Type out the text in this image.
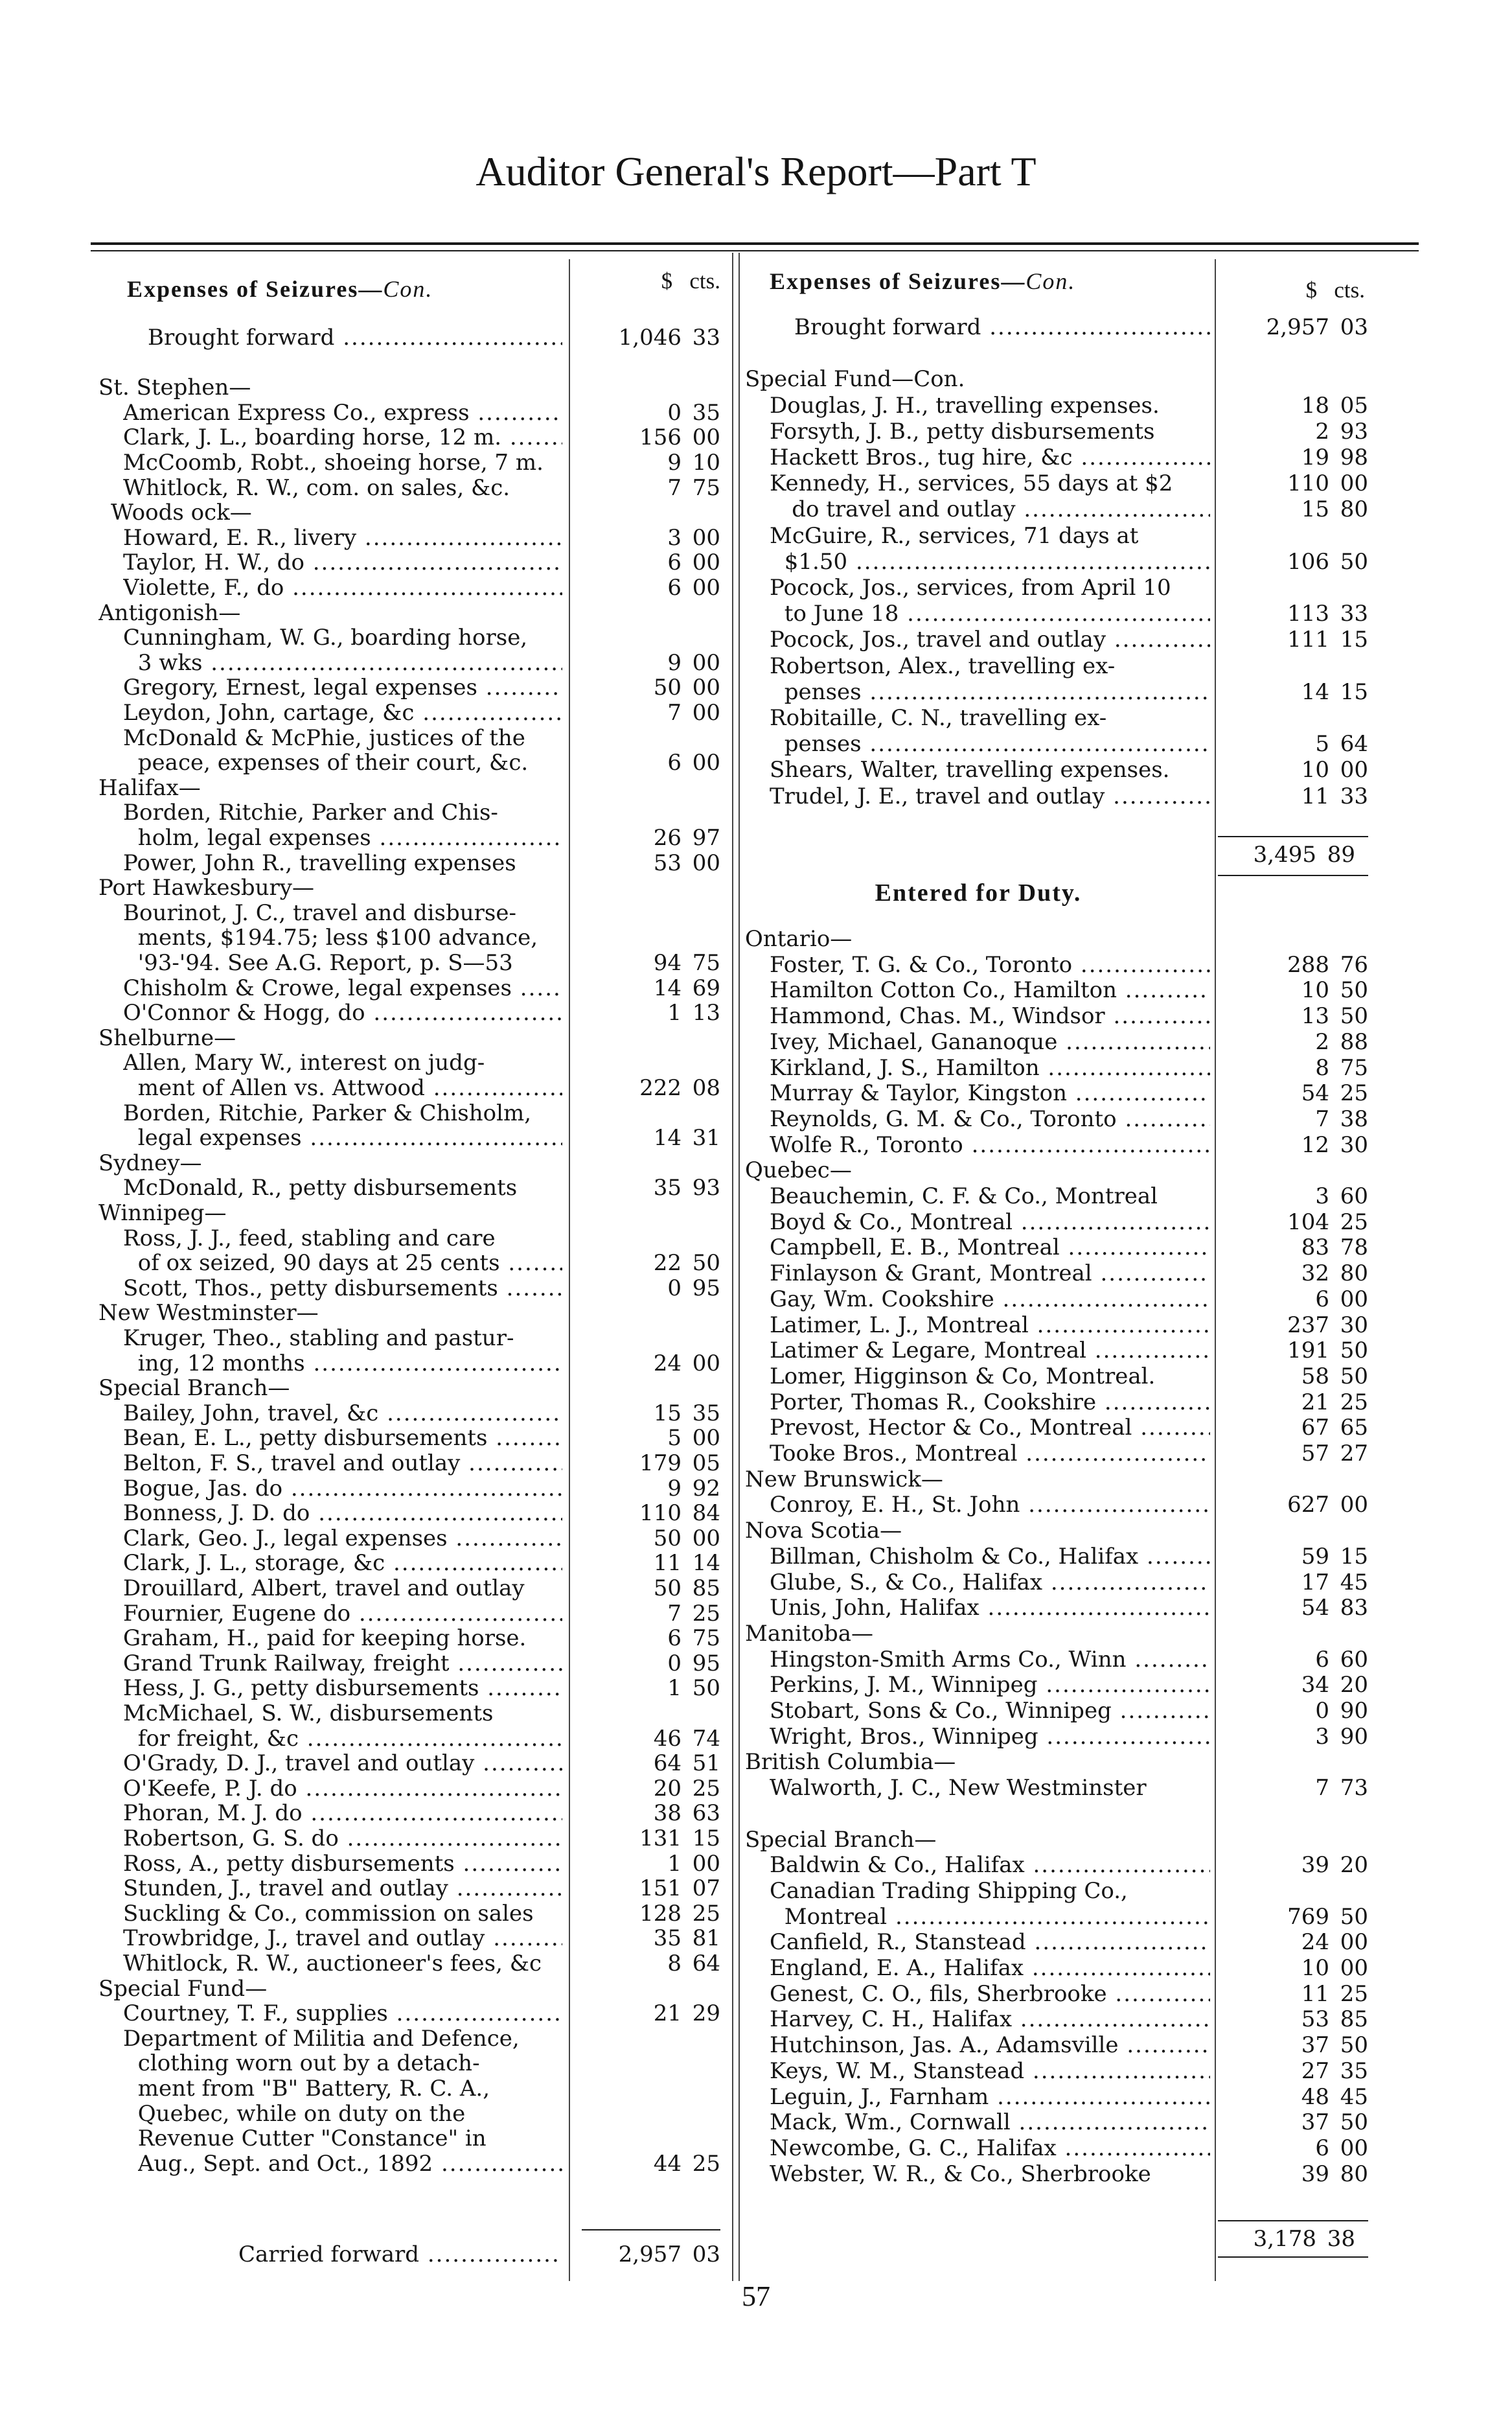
Auditor General's Report—Part T
Expenses of Seizures—Con.	$ cts.
Brought forward .....	1,046 33
St. Stephen—
American Express Co., express .....	0 35
Clark, J. L., boarding horse, 12 m. .....	156 00
McCoomb, Robt., shoeing horse, 7 m.	9 10
Whitlock, R. W., com. on sales, &c.	7 75
Woods ock—
Howard, E. R., livery .....	3 00
Taylor, H. W., do .....	6 00
Violette, F., do .....	6 00
Antigonish—
Cunningham, W. G., boarding horse,
3 wks .....	9 00
Gregory, Ernest, legal expenses .....	50 00
Leydon, John, cartage, &c .....	7 00
McDonald & McPhie, justices of the
peace, expenses of their court, &c.	6 00
Halifax—
Borden, Ritchie, Parker and Chis-
holm, legal expenses .....	26 97
Power, John R., travelling expenses	53 00
Port Hawkesbury—
Bourinot, J. C., travel and disburse-
ments, $194.75; less $100 advance,
'93-'94. See A.G. Report, p. S—53	94 75
Chisholm & Crowe, legal expenses .....	14 69
O'Connor & Hogg, do .....	1 13
Shelburne—
Allen, Mary W., interest on judg-
ment of Allen vs. Attwood .....	222 08
Borden, Ritchie, Parker & Chisholm,
legal expenses .....	14 31
Sydney—
McDonald, R., petty disbursements	35 93
Winnipeg—
Ross, J. J., feed, stabling and care
of ox seized, 90 days at 25 cents .....	22 50
Scott, Thos., petty disbursements .....	0 95
New Westminster—
Kruger, Theo., stabling and pastur-
ing, 12 months .....	24 00
Special Branch—
Bailey, John, travel, &c .....	15 35
Bean, E. L., petty disbursements .....	5 00
Belton, F. S., travel and outlay .....	179 05
Bogue, Jas. do .....	9 92
Bonness, J. D. do .....	110 84
Clark, Geo. J., legal expenses .....	50 00
Clark, J. L., storage, &c .....	11 14
Drouillard, Albert, travel and outlay	50 85
Fournier, Eugene do .....	7 25
Graham, H., paid for keeping horse.	6 75
Grand Trunk Railway, freight .....	0 95
Hess, J. G., petty disbursements .....	1 50
McMichael, S. W., disbursements
for freight, &c .....	46 74
O'Grady, D. J., travel and outlay .....	64 51
O'Keefe, P. J. do .....	20 25
Phoran, M. J. do .....	38 63
Robertson, G. S. do .....	131 15
Ross, A., petty disbursements .....	1 00
Stunden, J., travel and outlay .....	151 07
Suckling & Co., commission on sales	128 25
Trowbridge, J., travel and outlay .....	35 81
Whitlock, R. W., auctioneer's fees, &c	8 64
Special Fund—
Courtney, T. F., supplies .....	21 29
Department of Militia and Defence,
clothing worn out by a detach-
ment from "B" Battery, R. C. A.,
Quebec, while on duty on the
Revenue Cutter "Constance" in
Aug., Sept. and Oct., 1892 .....	44 25
Carried forward .....	2,957 03
Expenses of Seizures—Con.	$ cts.
Brought forward .....	2,957 03
Special Fund—Con.
Douglas, J. H., travelling expenses.	18 05
Forsyth, J. B., petty disbursements	2 93
Hackett Bros., tug hire, &c .....	19 98
Kennedy, H., services, 55 days at $2	110 00
do travel and outlay .....	15 80
McGuire, R., services, 71 days at
$1.50 .....	106 50
Pocock, Jos., services, from April 10
to June 18 .....	113 33
Pocock, Jos., travel and outlay .....	111 15
Robertson, Alex., travelling ex-
penses .....	14 15
Robitaille, C. N., travelling ex-
penses .....	5 64
Shears, Walter, travelling expenses.	10 00
Trudel, J. E., travel and outlay .....	11 33
3,495 89
Entered for Duty.
Ontario—
Foster, T. G. & Co., Toronto .....	288 76
Hamilton Cotton Co., Hamilton .....	10 50
Hammond, Chas. M., Windsor .....	13 50
Ivey, Michael, Gananoque .....	2 88
Kirkland, J. S., Hamilton .....	8 75
Murray & Taylor, Kingston .....	54 25
Reynolds, G. M. & Co., Toronto .....	7 38
Wolfe R., Toronto .....	12 30
Quebec—
Beauchemin, C. F. & Co., Montreal	3 60
Boyd & Co., Montreal .....	104 25
Campbell, E. B., Montreal .....	83 78
Finlayson & Grant, Montreal .....	32 80
Gay, Wm. Cookshire .....	6 00
Latimer, L. J., Montreal .....	237 30
Latimer & Legare, Montreal .....	191 50
Lomer, Higginson & Co, Montreal.	58 50
Porter, Thomas R., Cookshire .....	21 25
Prevost, Hector & Co., Montreal .....	67 65
Tooke Bros., Montreal .....	57 27
New Brunswick—
Conroy, E. H., St. John .....	627 00
Nova Scotia—
Billman, Chisholm & Co., Halifax .....	59 15
Glube, S., & Co., Halifax .....	17 45
Unis, John, Halifax .....	54 83
Manitoba—
Hingston-Smith Arms Co., Winn .....	6 60
Perkins, J. M., Winnipeg .....	34 20
Stobart, Sons & Co., Winnipeg .....	0 90
Wright, Bros., Winnipeg .....	3 90
British Columbia—
Walworth, J. C., New Westminster	7 73
Special Branch—
Baldwin & Co., Halifax .....	39 20
Canadian Trading Shipping Co.,
Montreal .....	769 50
Canfield, R., Stanstead .....	24 00
England, E. A., Halifax .....	10 00
Genest, C. O., fils, Sherbrooke .....	11 25
Harvey, C. H., Halifax .....	53 85
Hutchinson, Jas. A., Adamsville .....	37 50
Keys, W. M., Stanstead .....	27 35
Leguin, J., Farnham .....	48 45
Mack, Wm., Cornwall .....	37 50
Newcombe, G. C., Halifax .....	6 00
Webster, W. R., & Co., Sherbrooke	39 80
3,178 38
57
